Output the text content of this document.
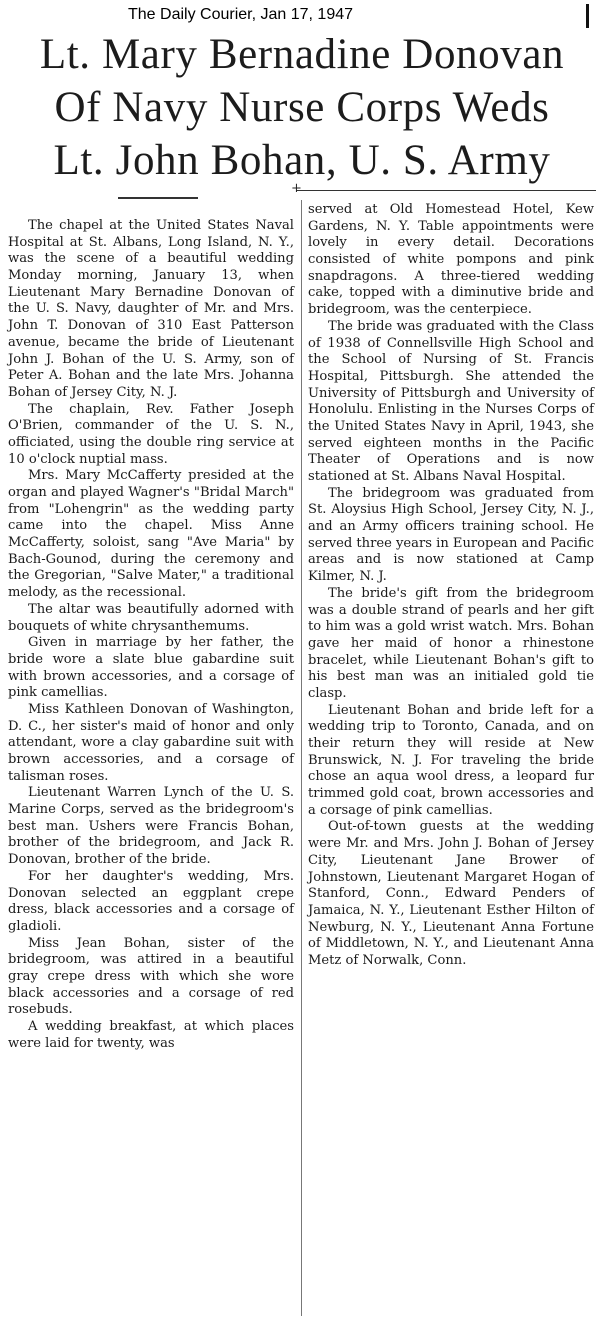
The Daily Courier, Jan 17, 1947
Lt. Mary Bernadine Donovan
Of Navy Nurse Corps Weds
Lt. John Bohan, U. S. Army
+

The chapel at the United States Naval Hospital at St. Albans, Long Island, N. Y., was the scene of a beautiful wedding Monday morning, January 13, when Lieutenant Mary Bernadine Donovan of the U. S. Navy, daughter of Mr. and Mrs. John T. Donovan of 310 East Patterson avenue, became the bride of Lieutenant John J. Bohan of the U. S. Army, son of Peter A. Bohan and the late Mrs. Johanna Bohan of Jersey City, N. J.

The chaplain, Rev. Father Joseph O'Brien, commander of the U. S. N., officiated, using the double ring service at 10 o'clock nuptial mass.

Mrs. Mary McCafferty presided at the organ and played Wagner's "Bridal March" from "Lohengrin" as the wedding party came into the chapel. Miss Anne McCafferty, soloist, sang "Ave Maria" by Bach-Gounod, during the ceremony and the Gregorian, "Salve Mater," a traditional melody, as the recessional.

The altar was beautifully adorned with bouquets of white chrysanthemums.

Given in marriage by her father, the bride wore a slate blue gabardine suit with brown accessories, and a corsage of pink camellias.

Miss Kathleen Donovan of Washington, D. C., her sister's maid of honor and only attendant, wore a clay gabardine suit with brown accessories, and a corsage of talisman roses.

Lieutenant Warren Lynch of the U. S. Marine Corps, served as the bridegroom's best man. Ushers were Francis Bohan, brother of the bridegroom, and Jack R. Donovan, brother of the bride.

For her daughter's wedding, Mrs. Donovan selected an eggplant crepe dress, black accessories and a corsage of gladioli.

Miss Jean Bohan, sister of the bridegroom, was attired in a beautiful gray crepe dress with which she wore black accessories and a corsage of red rosebuds.

A wedding breakfast, at which places were laid for twenty, was

served at Old Homestead Hotel, Kew Gardens, N. Y. Table appointments were lovely in every detail. Decorations consisted of white pompons and pink snapdragons. A three-tiered wedding cake, topped with a diminutive bride and bridegroom, was the centerpiece.

The bride was graduated with the Class of 1938 of Connellsville High School and the School of Nursing of St. Francis Hospital, Pittsburgh. She attended the University of Pittsburgh and University of Honolulu. Enlisting in the Nurses Corps of the United States Navy in April, 1943, she served eighteen months in the Pacific Theater of Operations and is now stationed at St. Albans Naval Hospital.

The bridegroom was graduated from St. Aloysius High School, Jersey City, N. J., and an Army officers training school. He served three years in European and Pacific areas and is now stationed at Camp Kilmer, N. J.

The bride's gift from the bridegroom was a double strand of pearls and her gift to him was a gold wrist watch. Mrs. Bohan gave her maid of honor a rhinestone bracelet, while Lieutenant Bohan's gift to his best man was an initialed gold tie clasp.

Lieutenant Bohan and bride left for a wedding trip to Toronto, Canada, and on their return they will reside at New Brunswick, N. J. For traveling the bride chose an aqua wool dress, a leopard fur trimmed gold coat, brown accessories and a corsage of pink camellias.

Out-of-town guests at the wedding were Mr. and Mrs. John J. Bohan of Jersey City, Lieutenant Jane Brower of Johnstown, Lieutenant Margaret Hogan of Stanford, Conn., Edward Penders of Jamaica, N. Y., Lieutenant Esther Hilton of Newburg, N. Y., Lieutenant Anna Fortune of Middletown, N. Y., and Lieutenant Anna Metz of Norwalk, Conn.
